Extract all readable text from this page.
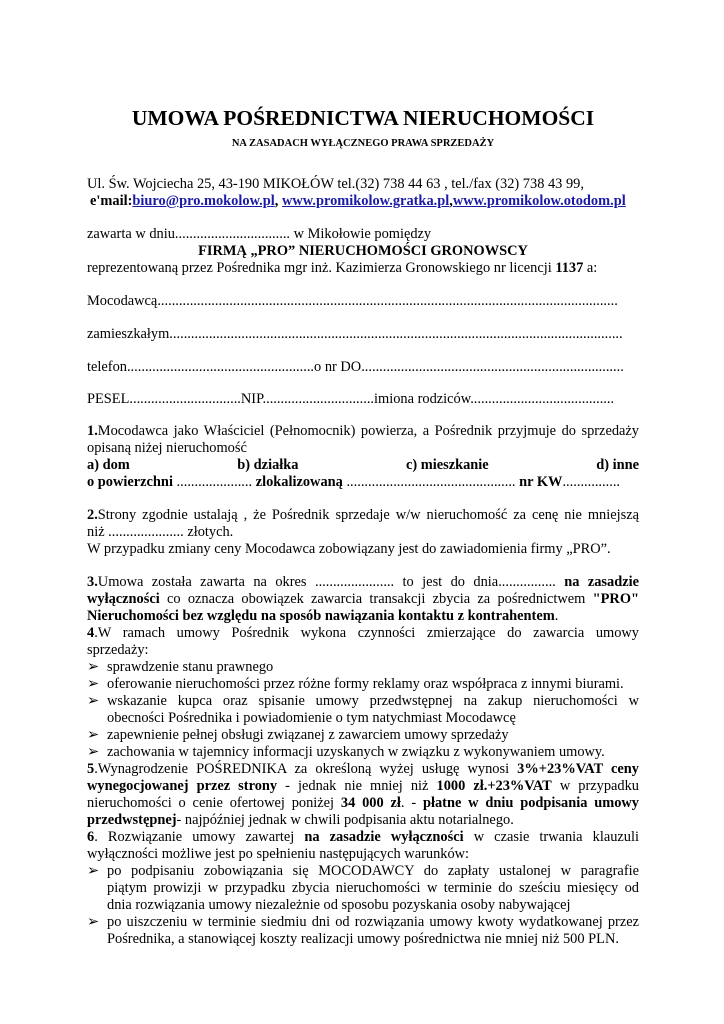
UMOWA POŚREDNICTWA NIERUCHOMOŚCI
NA ZASADACH WYŁĄCZNEGO PRAWA SPRZEDAŻY
Ul. Św. Wojciecha 25, 43-190 MIKOŁÓW tel.(32) 738 44 63 , tel./fax (32) 738 43 99,
e'mail:biuro@pro.mokolow.pl, www.promikolow.gratka.pl,www.promikolow.otodom.pl
zawarta w dniu................................ w Mikołowie pomiędzy
FIRMĄ „PRO” NIERUCHOMOŚCI GRONOWSCY
reprezentowaną przez Pośrednika mgr inż. Kazimierza Gronowskiego nr licencji 1137 a:
Mocodawcą................................................................................................................................
zamieszkałym..............................................................................................................................
telefon....................................................o nr DO.........................................................................
PESEL...............................NIP...............................imiona rodziców........................................
1.Mocodawca jako Właściciel (Pełnomocnik) powierza, a Pośrednik przyjmuje do sprzedaży
opisaną niżej nieruchomość
a) dom	b) działka	c) mieszkanie	d) inne
o powierzchni ..................... zlokalizowaną ............................................... nr KW................
2.Strony zgodnie ustalają , że Pośrednik sprzedaje w/w nieruchomość za cenę nie mniejszą
niż ..................... złotych.
W przypadku zmiany ceny Mocodawca zobowiązany jest do zawiadomienia firmy „PRO”.
3.Umowa została zawarta na okres ...................... to jest do dnia................ na zasadzie
wyłączności co oznacza obowiązek zawarcia transakcji zbycia za pośrednictwem "PRO"
Nieruchomości bez względu na sposób nawiązania kontaktu z kontrahentem.
4.W ramach umowy Pośrednik wykona czynności zmierzające do zawarcia umowy
sprzedaży:
➢ sprawdzenie stanu prawnego
➢ oferowanie nieruchomości przez różne formy reklamy oraz współpraca z innymi biurami.
➢ wskazanie kupca oraz spisanie umowy przedwstępnej na zakup nieruchomości w
obecności Pośrednika i powiadomienie o tym natychmiast Mocodawcę
➢ zapewnienie pełnej obsługi związanej z zawarciem umowy sprzedaży
➢ zachowania w tajemnicy informacji uzyskanych w związku z wykonywaniem umowy.
5.Wynagrodzenie POŚREDNIKA za określoną wyżej usługę wynosi 3%+23%VAT ceny
wynegocjowanej przez strony - jednak nie mniej niż 1000 zł.+23%VAT w przypadku
nieruchomości o cenie ofertowej poniżej 34 000 zł. - płatne w dniu podpisania umowy
przedwstępnej- najpóźniej jednak w chwili podpisania aktu notarialnego.
6. Rozwiązanie umowy zawartej na zasadzie wyłączności w czasie trwania klauzuli
wyłączności możliwe jest po spełnieniu następujących warunków:
➢ po podpisaniu zobowiązania się MOCODAWCY do zapłaty ustalonej w paragrafie
piątym prowizji w przypadku zbycia nieruchomości w terminie do sześciu miesięcy od
dnia rozwiązania umowy niezależnie od sposobu pozyskania osoby nabywającej
➢ po uiszczeniu w terminie siedmiu dni od rozwiązania umowy kwoty wydatkowanej przez
Pośrednika, a stanowiącej koszty realizacji umowy pośrednictwa nie mniej niż 500 PLN.
